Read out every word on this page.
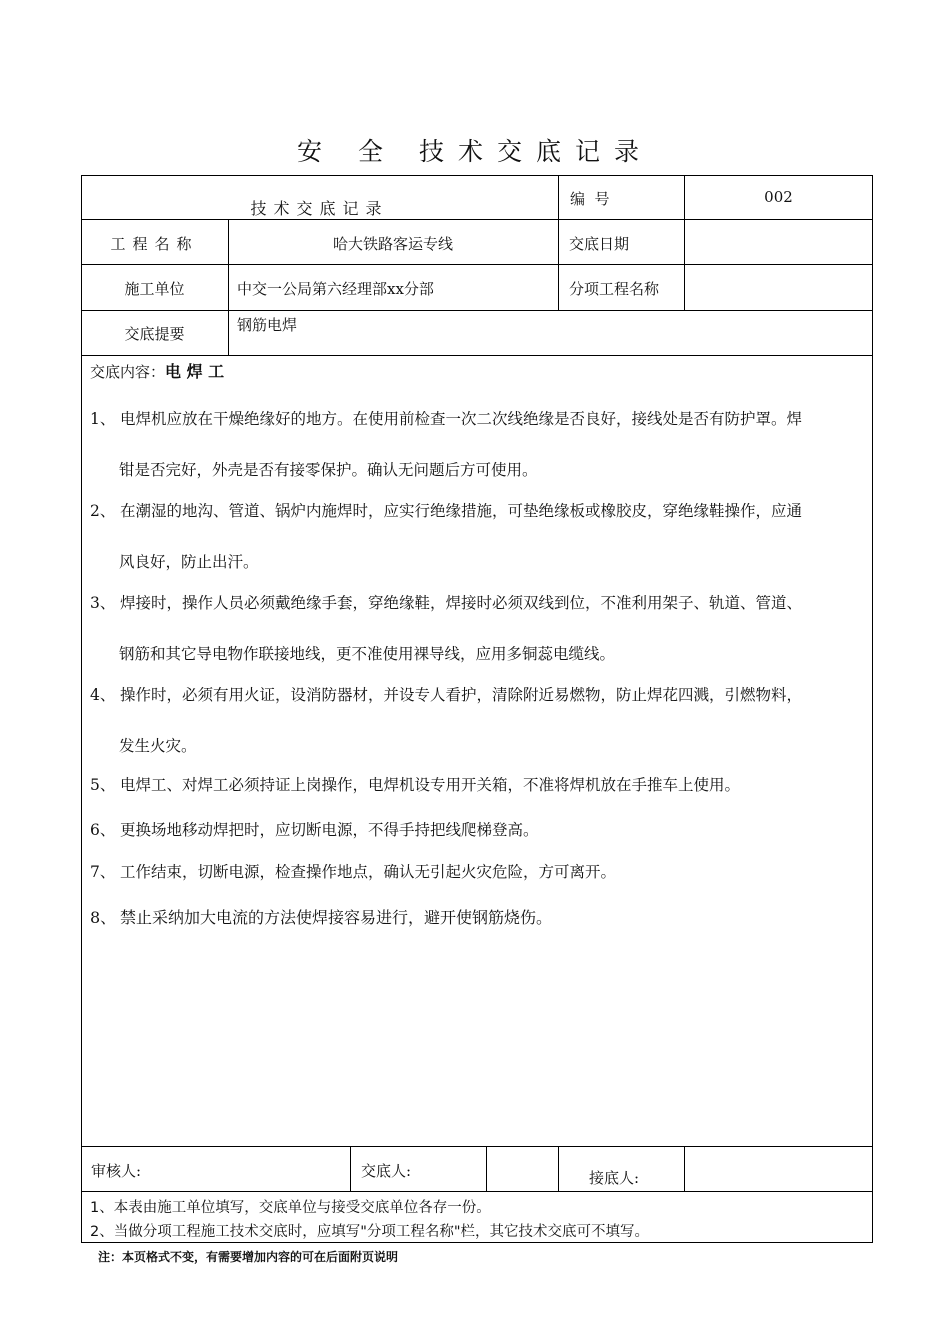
安 全 技术交底记录
技术交底记录	编  号	002
工程名称	哈大铁路客运专线	交底日期
施工单位	中交一公局第六经理部xx分部	分项工程名称
交底提要	钢筋电焊
交底内容：电 焊 工
1、 电焊机应放在干燥绝缘好的地方。在使用前检查一次二次线绝缘是否良好，接线处是否有防护罩。焊
钳是否完好，外壳是否有接零保护。确认无问题后方可使用。
2、 在潮湿的地沟、管道、锅炉内施焊时，应实行绝缘措施，可垫绝缘板或橡胶皮，穿绝缘鞋操作，应通
风良好，防止出汗。
3、 焊接时，操作人员必须戴绝缘手套，穿绝缘鞋，焊接时必须双线到位，不准利用架子、轨道、管道、
钢筋和其它导电物作联接地线，更不准使用裸导线，应用多铜蕊电缆线。
4、 操作时，必须有用火证，设消防器材，并设专人看护，清除附近易燃物，防止焊花四溅，引燃物料，
发生火灾。
5、 电焊工、对焊工必须持证上岗操作，电焊机设专用开关箱，不准将焊机放在手推车上使用。
6、 更换场地移动焊把时，应切断电源，不得手持把线爬梯登高。
7、 工作结束，切断电源，检查操作地点，确认无引起火灾危险，方可离开。
8、 禁止采纳加大电流的方法使焊接容易进行，避开使钢筋烧伤。
审核人:	交底人:	接底人:
1、本表由施工单位填写，交底单位与接受交底单位各存一份。
2、当做分项工程施工技术交底时，应填写"分项工程名称"栏，其它技术交底可不填写。
注：本页格式不变，有需要增加内容的可在后面附页说明
